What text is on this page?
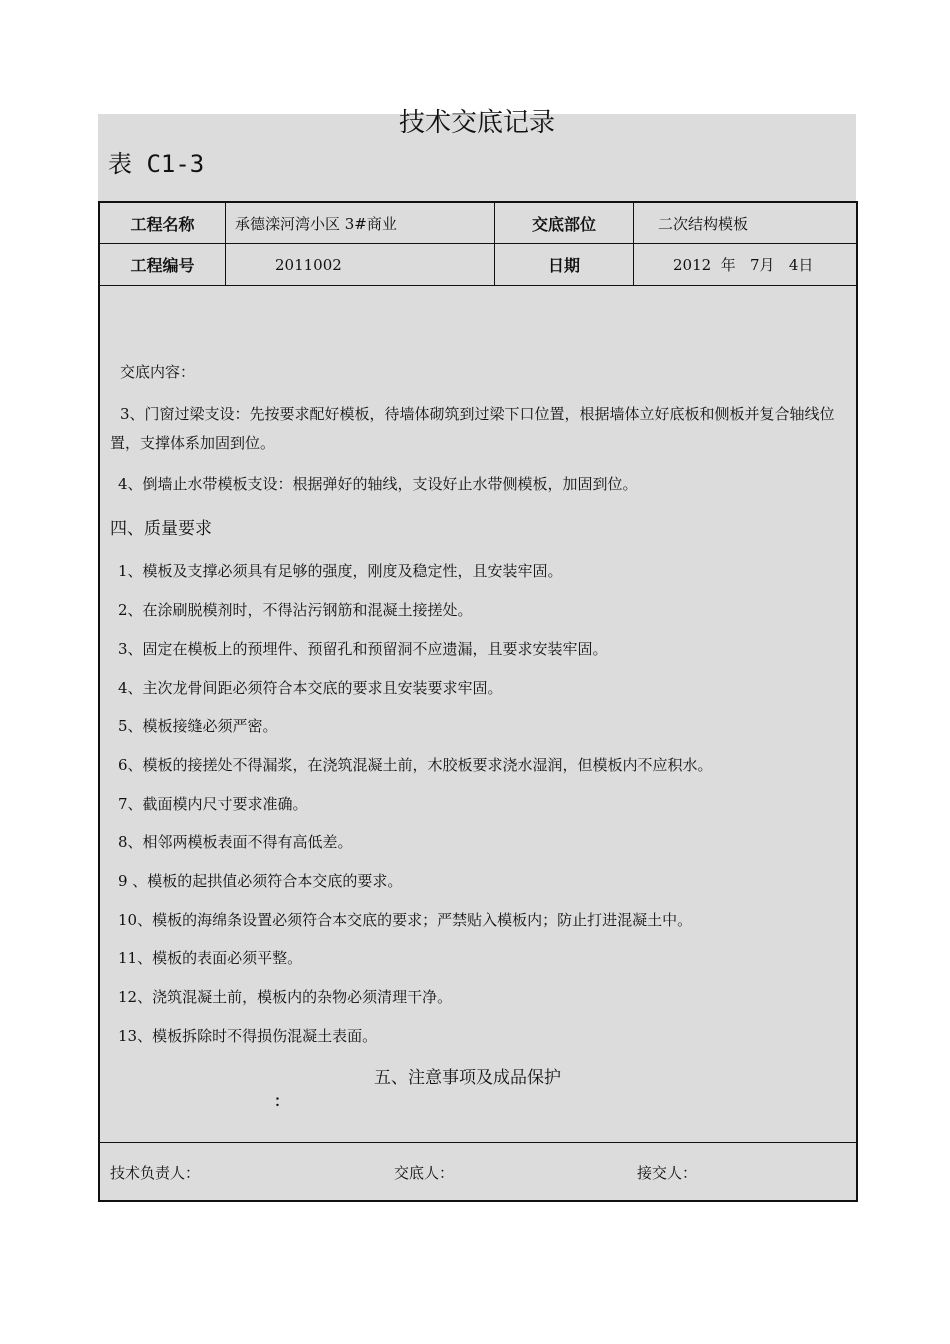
技术交底记录
表 C1-3
工程名称	承德滦河湾小区 3#商业	交底部位	二次结构模板
工程编号	2011002	日期	2012  年   7月   4日
交底内容：
3、门窗过梁支设：先按要求配好模板，待墙体砌筑到过梁下口位置，根据墙体立好底板和侧板并复合轴线位置，支撑体系加固到位。
4、倒墙止水带模板支设：根据弹好的轴线，支设好止水带侧模板，加固到位。
四、质量要求
1、模板及支撑必须具有足够的强度，刚度及稳定性，且安装牢固。
2、在涂刷脱模剂时，不得沾污钢筋和混凝土接搓处。
3、固定在模板上的预埋件、预留孔和预留洞不应遗漏，且要求安装牢固。
4、主次龙骨间距必须符合本交底的要求且安装要求牢固。
5、模板接缝必须严密。
6、模板的接搓处不得漏浆，在浇筑混凝土前，木胶板要求浇水湿润，但模板内不应积水。
7、截面模内尺寸要求准确。
8、相邻两模板表面不得有高低差。
9 、模板的起拱值必须符合本交底的要求。
10、模板的海绵条设置必须符合本交底的要求；严禁贴入模板内；防止打进混凝土中。
11、模板的表面必须平整。
12、浇筑混凝土前，模板内的杂物必须清理干净。
13、模板拆除时不得损伤混凝土表面。
五、注意事项及成品保护
：
技术负责人：	交底人：	接交人：
